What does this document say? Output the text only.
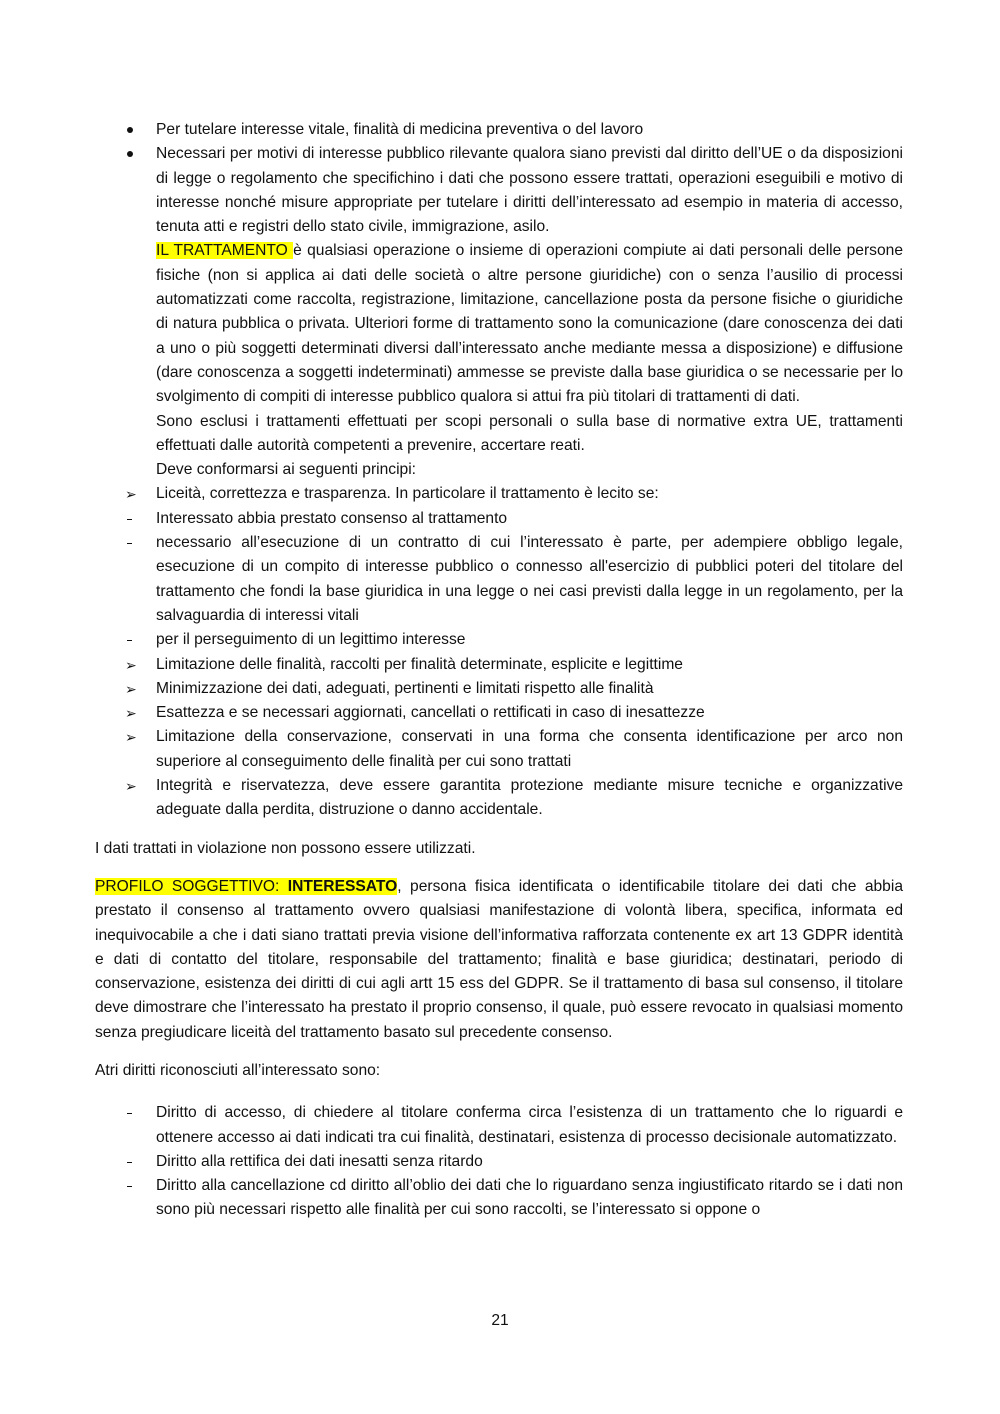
Per tutelare interesse vitale, finalità di medicina preventiva o del lavoro
Necessari per motivi di interesse pubblico rilevante qualora siano previsti dal diritto dell’UE o da disposizioni di legge o regolamento che specifichino i dati che possono essere trattati, operazioni eseguibili e motivo di interesse nonché misure appropriate per tutelare i diritti dell’interessato ad esempio in materia di accesso, tenuta atti e registri dello stato civile, immigrazione, asilo.
IL TRATTAMENTO è qualsiasi operazione o insieme di operazioni compiute ai dati personali delle persone fisiche (non si applica ai dati delle società o altre persone giuridiche) con o senza l’ausilio di processi automatizzati come raccolta, registrazione, limitazione, cancellazione posta da persone fisiche o giuridiche di natura pubblica o privata. Ulteriori forme di trattamento sono la comunicazione (dare conoscenza dei dati a uno o più soggetti determinati diversi dall’interessato anche mediante messa a disposizione) e diffusione (dare conoscenza a soggetti indeterminati) ammesse se previste dalla base giuridica o se necessarie per lo svolgimento di compiti di interesse pubblico qualora si attui fra più titolari di trattamenti di dati.
Sono esclusi i trattamenti effettuati per scopi personali o sulla base di normative extra UE, trattamenti effettuati dalle autorità competenti a prevenire, accertare reati.
Deve conformarsi ai seguenti principi:
➢	Liceità, correttezza e trasparenza. In particolare il trattamento è lecito se:
Interessato abbia prestato consenso al trattamento
necessario all’esecuzione di un contratto di cui l’interessato è parte, per adempiere obbligo legale, esecuzione di un compito di interesse pubblico o connesso all'esercizio di pubblici poteri del titolare del trattamento che fondi la base giuridica in una legge o nei casi previsti dalla legge in un regolamento, per la salvaguardia di interessi vitali
per il perseguimento di un legittimo interesse
➢	Limitazione delle finalità, raccolti per finalità determinate, esplicite e legittime
➢	Minimizzazione dei dati, adeguati, pertinenti e limitati rispetto alle finalità
➢	Esattezza e se necessari aggiornati, cancellati o rettificati in caso di inesattezze
➢	Limitazione della conservazione, conservati in una forma che consenta identificazione per arco non superiore al conseguimento delle finalità per cui sono trattati
➢	Integrità e riservatezza, deve essere garantita protezione mediante misure tecniche e organizzative adeguate dalla perdita, distruzione o danno accidentale.

I dati trattati in violazione non possono essere utilizzati.

PROFILO SOGGETTIVO: INTERESSATO, persona fisica identificata o identificabile titolare dei dati che abbia prestato il consenso al trattamento ovvero qualsiasi manifestazione di volontà libera, specifica, informata ed inequivocabile a che i dati siano trattati previa visione dell’informativa rafforzata contenente ex art 13 GDPR identità e dati di contatto del titolare, responsabile del trattamento; finalità e base giuridica; destinatari, periodo di conservazione, esistenza dei diritti di cui agli artt 15 ess del GDPR. Se il trattamento di basa sul consenso, il titolare deve dimostrare che l’interessato ha prestato il proprio consenso, il quale, può essere revocato in qualsiasi momento senza pregiudicare liceità del trattamento basato sul precedente consenso.

Atri diritti riconosciuti all’interessato sono:

Diritto di accesso, di chiedere al titolare conferma circa l’esistenza di un trattamento che lo riguardi e ottenere accesso ai dati indicati tra cui finalità, destinatari, esistenza di processo decisionale automatizzato.
Diritto alla rettifica dei dati inesatti senza ritardo
Diritto alla cancellazione cd diritto all’oblio dei dati che lo riguardano senza ingiustificato ritardo se i dati non sono più necessari rispetto alle finalità per cui sono raccolti, se l’interessato si oppone o
21
